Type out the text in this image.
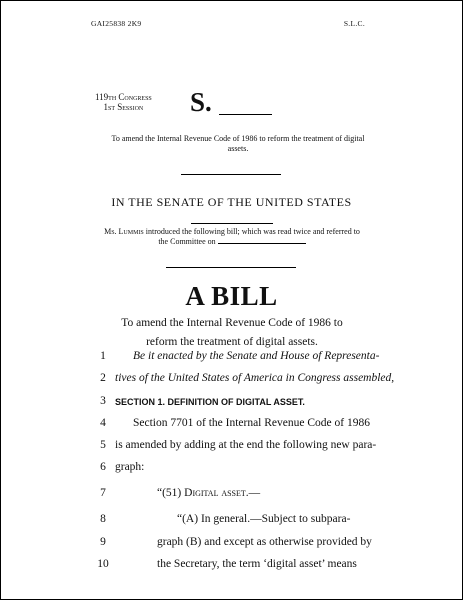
GAI25838 2K9	S.L.C.
119th Congress
1st Session	S.
To amend the Internal Revenue Code of 1986 to reform the treatment of digital assets.
IN THE SENATE OF THE UNITED STATES
Ms. Lummis introduced the following bill; which was read twice and referred to the Committee on
A BILL
To amend the Internal Revenue Code of 1986 to reform the treatment of digital assets.
1 Be it enacted by the Senate and House of Representa-
2 tives of the United States of America in Congress assembled,
3	SECTION 1. DEFINITION OF DIGITAL ASSET.
4 Section 7701 of the Internal Revenue Code of 1986
5 is amended by adding at the end the following new para-
6 graph:
7	“(51) Digital asset.—
8	“(A) In general.—Subject to subpara-
9	graph (B) and except as otherwise provided by
10	the Secretary, the term ‘digital asset’ means
